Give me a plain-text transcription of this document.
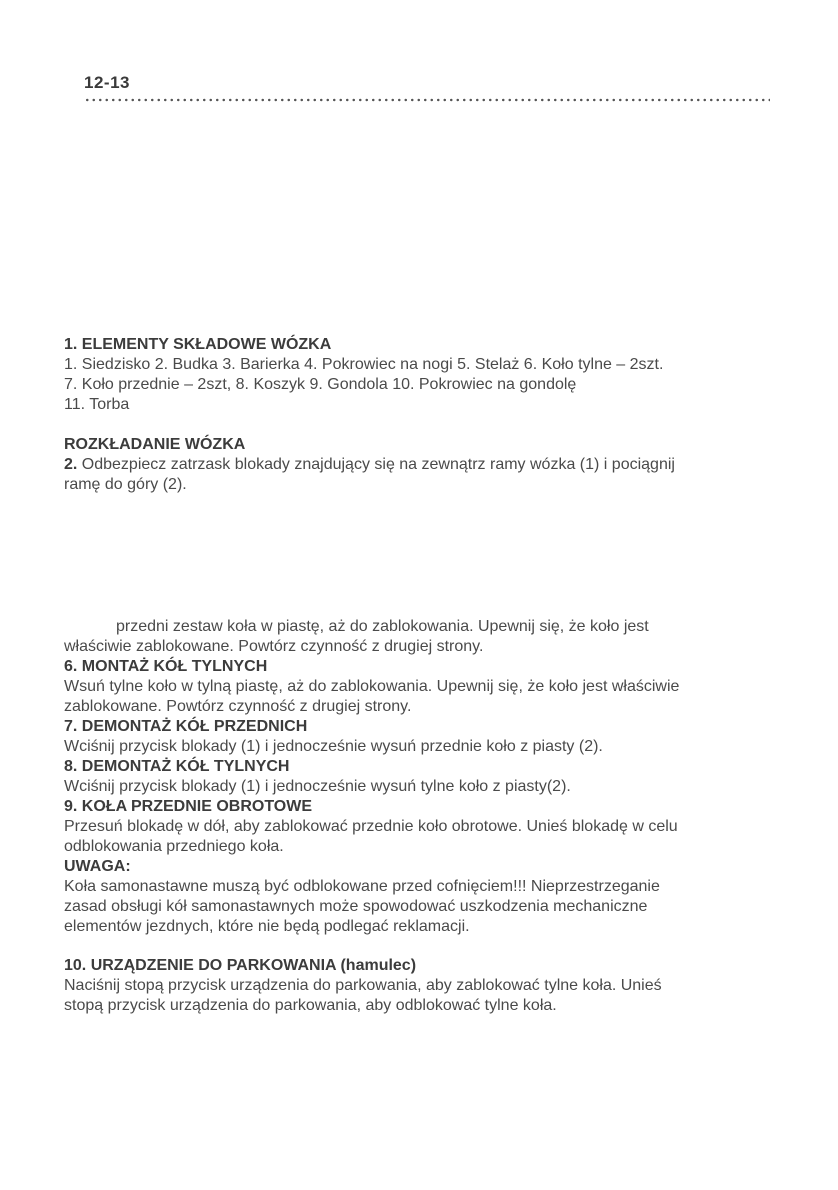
12-13

1. ELEMENTY SKŁADOWE WÓZKA

1. Siedzisko 2. Budka 3. Barierka 4. Pokrowiec na nogi 5. Stelaż 6. Koło tylne – 2szt.

7. Koło przednie – 2szt, 8. Koszyk 9. Gondola 10. Pokrowiec na gondolę

11. Torba

ROZKŁADANIE WÓZKA

2. Odbezpiecz zatrzask blokady znajdujący się na zewnątrz ramy wózka (1) i pociągnij

ramę do góry (2).

przedni zestaw koła w piastę, aż do zablokowania. Upewnij się, że koło jest

właściwie zablokowane. Powtórz czynność z drugiej strony.

6. MONTAŻ KÓŁ TYLNYCH

Wsuń tylne koło w tylną piastę, aż do zablokowania. Upewnij się, że koło jest właściwie

zablokowane. Powtórz czynność z drugiej strony.

7. DEMONTAŻ KÓŁ PRZEDNICH

Wciśnij przycisk blokady (1) i jednocześnie wysuń przednie koło z piasty (2).

8. DEMONTAŻ KÓŁ TYLNYCH

Wciśnij przycisk blokady (1) i jednocześnie wysuń tylne koło z piasty(2).

9. KOŁA PRZEDNIE OBROTOWE

Przesuń blokadę w dół, aby zablokować przednie koło obrotowe. Unieś blokadę w celu

odblokowania przedniego koła.

UWAGA:

Koła samonastawne muszą być odblokowane przed cofnięciem!!! Nieprzestrzeganie

zasad obsługi kół samonastawnych może spowodować uszkodzenia mechaniczne

elementów jezdnych, które nie będą podlegać reklamacji.

10. URZĄDZENIE DO PARKOWANIA (hamulec)

Naciśnij stopą przycisk urządzenia do parkowania, aby zablokować tylne koła. Unieś

stopą przycisk urządzenia do parkowania, aby odblokować tylne koła.
